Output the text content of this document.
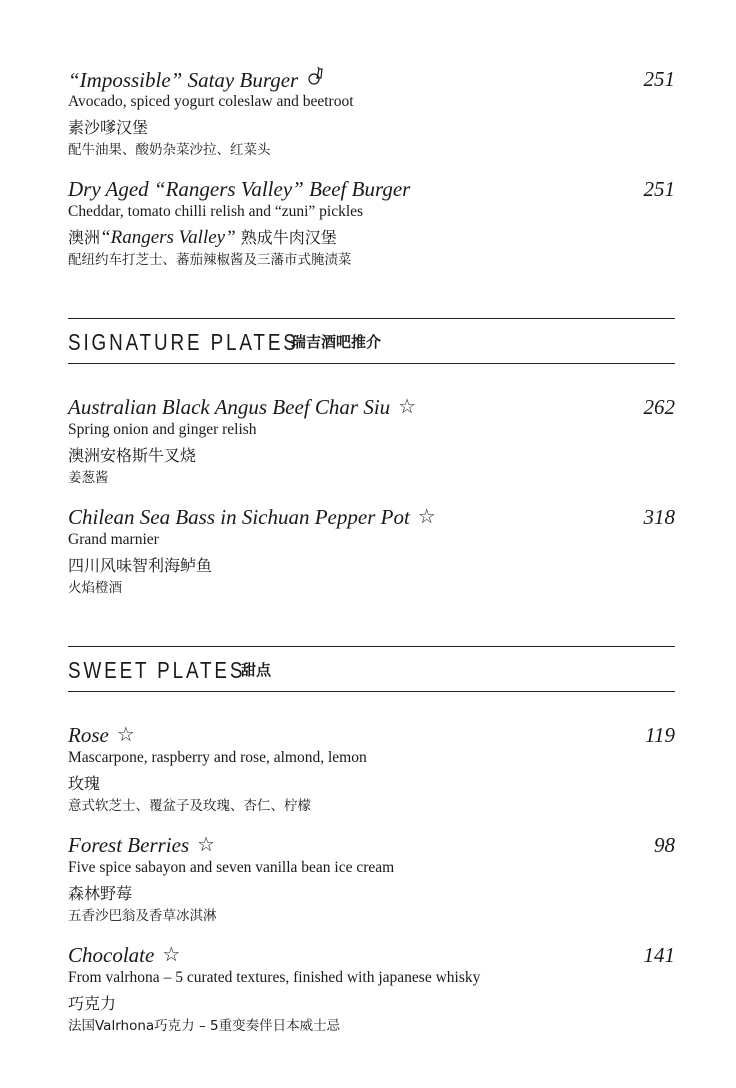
“Impossible” Satay Burger	251
Avocado, spiced yogurt coleslaw and beetroot
素沙嗲汉堡
配牛油果、酸奶杂菜沙拉、红菜头
Dry Aged “Rangers Valley” Beef Burger	251
Cheddar, tomato chilli relish and “zuni” pickles
澳洲“Rangers Valley” 熟成牛肉汉堡
配纽约车打芝士、蕃茄辣椒酱及三藩市式腌渍菜
SIGNATURE PLATES
瑞吉酒吧推介
Australian Black Angus Beef Char Siu ☆	262
Spring onion and ginger relish
澳洲安格斯牛叉烧
姜葱酱
Chilean Sea Bass in Sichuan Pepper Pot ☆	318
Grand marnier
四川风味智利海鲈鱼
火焰橙酒
SWEET PLATES
甜点
Rose ☆	119
Mascarpone, raspberry and rose, almond, lemon
玫瑰
意式软芝士、覆盆子及玫瑰、杏仁、柠檬
Forest Berries ☆	98
Five spice sabayon and seven vanilla bean ice cream
森林野莓
五香沙巴翁及香草冰淇淋
Chocolate ☆	141
From valrhona – 5 curated textures, finished with japanese whisky
巧克力
法国Valrhona巧克力 – 5重变奏伴日本威士忌
